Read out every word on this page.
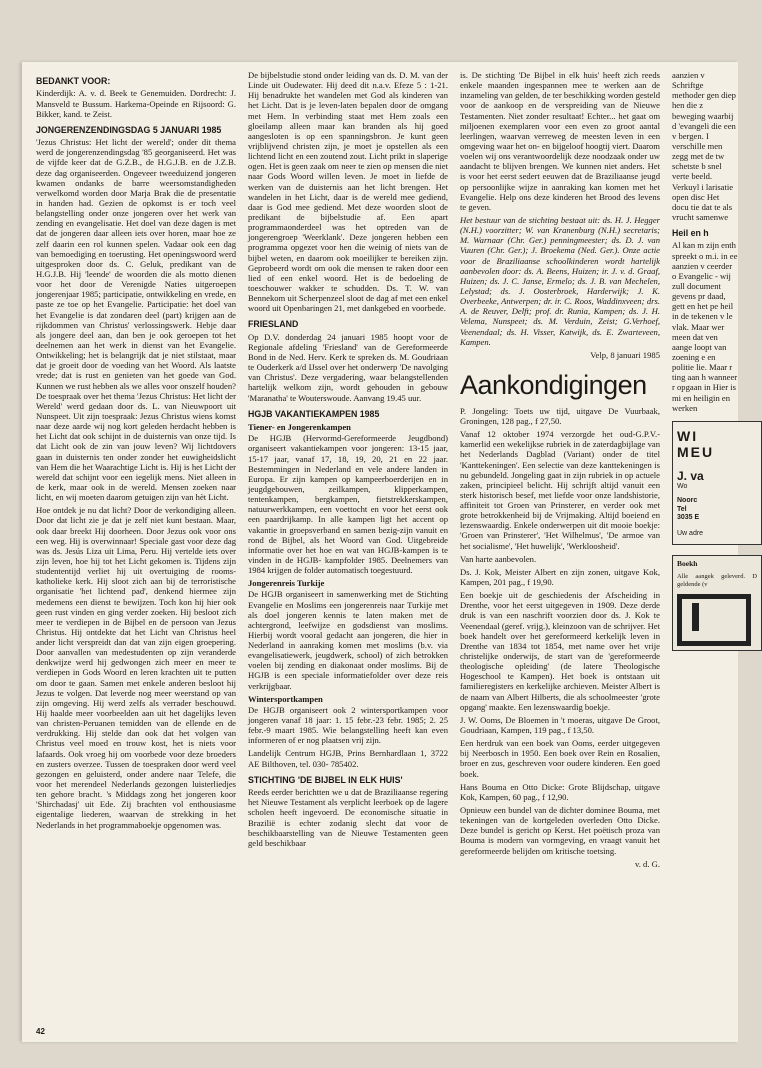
BEDANKT VOOR:

Kinderdijk: A. v. d. Beek te Genemuiden. Dordrecht: J. Mansveld te Bussum. Harkema-Opeinde en Rijsoord: G. Bikker, kand. te Zeist.

JONGERENZENDINGSDAG 5 JANUARI 1985

'Jezus Christus: Het licht der wereld'; onder dit thema werd de jongerenzendingsdag '85 georganiseerd. Het was de vijfde keer dat de G.Z.B., de H.G.J.B. en de J.Z.B. deze dag organiseerden. Ongeveer tweeduizend jongeren kwamen ondanks de barre weersomstandigheden verwelkomd worden door Marja Brak die de presentatie in handen had. Gezien de opkomst is er toch veel belangstelling onder onze jongeren over het werk van zending en evangelisatie. Het doel van deze dagen is met dat de jongeren daar alleen iets over horen, maar hoe ze zelf daarin een rol kunnen spelen. Vadaar ook een dag van bemoediging en toerusting. Het openingswoord werd uitgesproken door ds. C. Geluk, predikant van de H.G.J.B. Hij 'leende' de woorden die als motto dienen voor het door de Verenigde Naties uitgeroepen jongerenjaar 1985; participatie, ontwikkeling en vrede, en paste ze toe op het Evangelie. Participatie: het doel van het Evangelie is dat zondaren deel (part) krijgen aan de rijkdommen van Christus' verlossingswerk. Hebje daar als jongere deel aan, dan ben je ook geroepen tot het deelnemen aan het werk in dienst van het Evangelie. Ontwikkeling; het is belangrijk dat je niet stilstaat, maar dat je groeit door de voeding van het Woord. Als laatste vrede; dat is rust en genieten van het goede van God. Kunnen we rust hebben als we alles voor onszelf houden? De toespraak over het thema 'Jezus Christus: Het licht der Wereld' werd gedaan door ds. L. van Nieuwpoort uit Nunspeet. Uit zijn toespraak: Jezus Christus wiens komst naar deze aarde wij nog kort geleden herdacht hebben is het Licht dat ook schijnt in de duisternis van onze tijd. Is dat Licht ook de zin van jouw leven? Wij lichtdovers gaan in duisternis ten onder zonder het euwigheidslicht van Hem die het Waarachtige Licht is. Hij is het Licht der wereld dat schijnt voor een iegelijk mens. Niet alleen in de kerk, maar ook in de wereld. Mensen zoeken naar licht, en wij moeten daarom getuigen zijn van hèt Licht.

Hoe ontdek je nu dat licht? Door de verkondiging alleen. Door dat licht zie je dat je zelf niet kunt bestaan. Maar, ook daar breekt Hij doorheen. Door Jezus ook voor ons een weg. Hij is overwinnaar! Speciale gast voor deze dag was ds. Jesús Liza uit Lima, Peru. Hij vertelde iets over zijn leven, hoe hij tot het Licht gekomen is. Tijdens zijn studententijd verliet hij uit overtuiging de rooms-katholieke kerk. Hij sloot zich aan bij de terroristische organisatie 'het lichtend pad', denkend hiermee zijn medemens een dienst te bewijzen. Toch kon hij hier ook geen rust vinden en ging verder zoeken. Hij besloot zich meer te verdiepen in de Bijbel en de persoon van Jezus Christus. Hij ontdekte dat het Licht van Christus heel ander licht verspreidt dan dat van zijn eigen groepering. Door aanvallen van medestudenten op zijn veranderde denkwijze werd hij gedwongen zich meer en meer te verdiepen in Gods Woord en leren krachten uit te putten om door te gaan. Samen met enkele anderen besloot hij Jezus te volgen. Dat leverde nog meer weerstand op van zijn omgeving. Hij werd zelfs als verrader beschouwd. Hij haalde meer voorbeelden aan uit het dagelijks leven van christen-Peruanen temidden van de ellende en de verdrukking. Hij stelde dan ook dat het volgen van Christus veel moed en trouw kost, het is niets voor lafaards. Ook vroeg hij om voorbede voor deze broeders en zusters overzee. Tussen de toespraken door werd veel gezongen en geluisterd, onder andere naar Telefe, die voor het merendeel Nederlands gezongen luisterliedjes ten gehore bracht. 's Middags zong het jongeren koor 'Shirchadasj' uit Ede. Zij brachten vol enthousiasme eigentalige liederen, waarvan de strekking in het Nederlands in het programmaboekje opgenomen was.

De bijbelstudie stond onder leiding van ds. D. M. van der Linde uit Oudewater. Hij deed dit n.a.v. Efeze 5 : 1-21. Hij benadrukte het wandelen met God als kinderen van het Licht. Dat is je leven-laten bepalen door de omgang met Hem. In verbinding staat met Hem zoals een gloeilamp alleen maar kan branden als hij goed aangesloten is op een spanningsbron. Je kunt geen vrijblijvend christen zijn, je moet je opstellen als een lichtend licht en een zoutend zout. Licht prikt in slaperige ogen. Het is geen zaak om neer te zien op mensen die niet naar Gods Woord willen leven. Je moet in liefde de werken van de duisternis aan het licht brengen. Het wandelen in het Licht, daar is de wereld mee gediend, daar is God mee gediend. Met deze woorden sloot de predikant de bijbelstudie af. Een apart programmaonderdeel was het optreden van de jongerengroep 'Weerklank'. Deze jongeren hebben een programma opgezet voor hen die weinig of niets van de bijbel weten, en daarom ook moeilijker te bereiken zijn. Geprobeerd wordt om ook die mensen te raken door een lied of een enkel woord. Het is de bedoeling de toeschouwer wakker te schudden. Ds. T. W. van Bennekom uit Scherpenzeel sloot de dag af met een enkel woord uit Openbaringen 21, met dankgebed en voorbede.

FRIESLAND

Op D.V. donderdag 24 januari 1985 hoopt voor de Regionale afdeling 'Friesland' van de Gereformeerde Bond in de Ned. Herv. Kerk te spreken ds. M. Goudriaan te Ouderkerk a/d IJssel over het onderwerp 'De navolging van Christus'. Deze vergadering, waar belangstellenden hartelijk welkom zijn, wordt gehouden in gebouw 'Maranatha' te Wouterswoude. Aanvang 19.45 uur.

HGJB VAKANTIEKAMPEN 1985
Tiener- en Jongerenkampen

De HGJB (Hervormd-Gereformeerde Jeugdbond) organiseert vakantiekampen voor jongeren: 13-15 jaar, 15-17 jaar, vanaf 17, 18, 19, 20, 21 en 22 jaar. Bestemmingen in Nederland en vele andere landen in Europa. Er zijn kampen op kampeerboerderijen en in jeugdgebouwen, zeilkampen, klipperkampen, tentenkampen, bergkampen, fietstrekkerskampen, natuurwerkkampen, een voettocht en voor het eerst ook een paardrijkamp. In alle kampen ligt het accent op vakantie in groepsverband en samen bezig-zijn vanuit en rond de Bijbel, als het Woord van God. Uitgebreide informatie over het hoe en wat van HGJB-kampen is te vinden in de HGJB- kampfolder 1985. Deelnemers van 1984 krijgen de folder automatisch toegestuurd.

Jongerenreis Turkije

De HGJB organiseert in samenwerking met de Stichting Evangelie en Moslims een jongerenreis naar Turkije met als doel jongeren kennis te laten maken met de achtergrond, leefwijze en godsdienst van moslims. Hierbij wordt vooral gedacht aan jongeren, die hier in Nederland in aanraking komen met moslims (b.v. via evangelisatiewerk, jeugdwerk, school) of zich betrokken voelen bij zending en diakonaat onder moslims. Bij de HGJB is een speciale informatiefolder over deze reis verkrijgbaar.

Wintersportkampen

De HGJB organiseert ook 2 wintersportkampen voor jongeren vanaf 18 jaar: 1. 15 febr.-23 febr. 1985; 2. 25 febr.-9 maart 1985. Wie belangstelling heeft kan even informeren of er nog plaatsen vrij zijn.

Landelijk Centrum HGJB, Prins Bernhardlaan 1, 3722 AE Bilthoven, tel. 030- 785402.

STICHTING 'DE BIJBEL IN ELK HUIS'

Reeds eerder berichtten we u dat de Braziliaanse regering het Nieuwe Testament als verplicht leerboek op de lagere scholen heeft ingevoerd. De economische situatie in Brazilië is echter zodanig slecht dat voor de beschikbaarstelling van de Nieuwe Testamenten geen geld beschikbaar

is. De stichting 'De Bijbel in elk huis' heeft zich reeds enkele maanden ingespannen mee te werken aan de inzameling van gelden, de ter beschikking worden gesteld voor de aankoop en de verspreiding van de Nieuwe Testamenten. Niet zonder resultaat! Echter... het gaat om miljoenen exemplaren voor een even zo groot aantal leerlingen, waarvan verreweg de meesten leven in een omgeving waar het on- en bijgeloof hoogtij viert. Daarom voelen wij ons verantwoordelijk deze noodzaak onder uw aandacht te blijven brengen. We kunnen niet anders. Het is voor het eerst sedert eeuwen dat de Braziliaanse jeugd op persoonlijke wijze in aanraking kan komen met het Evangelie. Help ons deze kinderen het Brood des levens te geven.

Het bestuur van de stichting bestaat uit: ds. H. J. Hegger (N.H.) voorzitter; W. van Kranenburg (N.H.) secretaris; M. Warnaar (Chr. Ger.) penningmeester; ds. D. J. van Vuuren (Chr. Ger.); J. Broekema (Ned. Ger.). Onze actie voor de Braziliaanse schoolkinderen wordt hartelijk aanbevolen door: ds. A. Beens, Huizen; ir. J. v. d. Graaf, Huizen; ds. J. C. Janse, Ermelo; ds. J. B. van Mechelen, Lelystad; ds. J. Oosterbroek, Harderwijk; J. K. Overbeeke, Antwerpen; dr. ir. C. Roos, Waddinxveen; drs. A. de Reuver, Delft; prof. dr. Runia, Kampen; ds. J. H. Velema, Nunspeet; ds. M. Verduin, Zeist; G.Verhoef, Veenendaal; ds. H. Visser, Katwijk, ds. E. Zwarteveen, Kampen.

Velp, 8 januari 1985

Aankondigingen

P. Jongeling: Toets uw tijd, uitgave De Vuurbaak, Groningen, 128 pag., f 27,50.

Vanaf 12 oktober 1974 verzorgde het oud-G.P.V.-kamerlid een wekelijkse rubriek in de zaterdagbijlage van het Nederlands Dagblad (Variant) onder de titel 'Kanttekeningen'. Een selectie van deze kanttekeningen is nu gebundeld. Jongeling gaat in zijn rubriek in op actuele zaken, principieel belicht. Hij schrijft altijd vanuit een sterk historisch besef, met liefde voor onze landshistorie, affiniteit tot Groen van Prinsterer, en verder ook met grote betrokkenheid bij de Vrijmaking. Altijd boeiend en lezenswaardig. Enkele onderwerpen uit dit mooie boekje: 'Groen van Prinsterer', 'Het Wilhelmus', 'De armoe van het socialisme', 'Het huwelijk', 'Werkloosheid'.

Van harte aanbevolen.

Ds. J. Kok, Meister Albert en zijn zonen, uitgave Kok, Kampen, 201 pag., f 19,90.

Een boekje uit de geschiedenis der Afscheiding in Drenthe, voor het eerst uitgegeven in 1909. Deze derde druk is van een naschrift voorzien door ds. J. Kok te Veenendaal (geref. vrijg.), kleinzoon van de schrijver. Het boek handelt over het gereformeerd kerkelijk leven in Drenthe van 1834 tot 1854, met name over het vrije christelijke onderwijs, de start van de 'gereformeerde theologische opleiding' (de latere Theologische Hogeschool te Kampen). Het boek is ontstaan uit familieregisters en kerkelijke archieven. Meister Albert is de naam van Albert Hilberts, die als schoolmeester 'grote opgang' maakte. Een lezenswaardig boekje.

J. W. Ooms, De Bloemen in 't moeras, uitgave De Groot, Goudriaan, Kampen, 119 pag., f 13,50.

Een herdruk van een boek van Ooms, eerder uitgegeven bij Neerbosch in 1950. Een boek over Rein en Rosalien, broer en zus, geschreven voor oudere kinderen. Een goed boek.

Hans Bouma en Otto Dicke: Grote Blijdschap, uitgave Kok, Kampen, 60 pag., f 12,90.

Opnieuw een bundel van de dichter dominee Bouma, met tekeningen van de kortgeleden overleden Otto Dicke. Deze bundel is gericht op Kerst. Het poëtisch proza van Bouma is modern van vormgeving, en vraagt vanuit het gereformeerde belijden om kritische toetsing.

v. d. G.

aanzien v Schriftge methoder gen diep hen die z beweging waarbij d 'evangeli die een v bergen. I verschille men zegg met de tw schetste b snel verte beeld. Verkuyl i larisatie open disc Het docu tie dat te als vrucht samenwe

Heil en h

Al kan m zijn enth spreekt o m.i. in ee aanzien v ceerder o Evangelic - wij zull document gevens pr daad, gett en het pe heil in de tekenen v le vlak. Maar wer meen dat ven aange loopt van zoening e en politie lie. Maar r ting aan h wanneer r opgaan in Hier is mi en heiligin en werken

WI
MEU
J. va
Wo
Noorc
Tel
3035 E
Uw adre
Boekh
Alle aangek geleverd. D geldende (v
42
